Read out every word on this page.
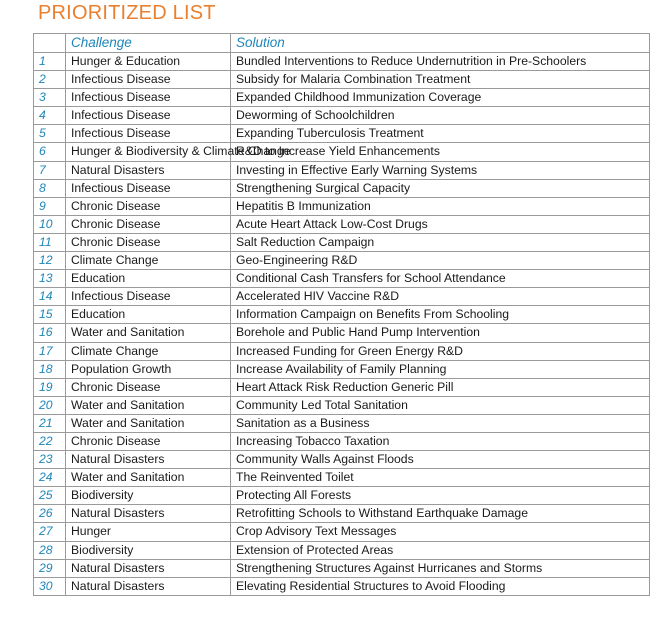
PRIORITIZED LIST
	Challenge	Solution
1	Hunger & Education	Bundled Interventions to Reduce Undernutrition in Pre-Schoolers
2	Infectious Disease	Subsidy for Malaria Combination Treatment
3	Infectious Disease	Expanded Childhood Immunization Coverage
4	Infectious Disease	Deworming of Schoolchildren
5	Infectious Disease	Expanding Tuberculosis Treatment
6	Hunger & Biodiversity & Climate Change	R&D to Increase Yield Enhancements
7	Natural Disasters	Investing in Effective Early Warning Systems
8	Infectious Disease	Strengthening Surgical Capacity
9	Chronic Disease	Hepatitis B Immunization
10	Chronic Disease	Acute Heart Attack Low-Cost Drugs
11	Chronic Disease	Salt Reduction Campaign
12	Climate Change	Geo-Engineering R&D
13	Education	Conditional Cash Transfers for School Attendance
14	Infectious Disease	Accelerated HIV Vaccine R&D
15	Education	Information Campaign on Benefits From Schooling
16	Water and Sanitation	Borehole and Public Hand Pump Intervention
17	Climate Change	Increased Funding for Green Energy R&D
18	Population Growth	Increase Availability of Family Planning
19	Chronic Disease	Heart Attack Risk Reduction Generic Pill
20	Water and Sanitation	Community Led Total Sanitation
21	Water and Sanitation	Sanitation as a Business
22	Chronic Disease	Increasing Tobacco Taxation
23	Natural Disasters	Community Walls Against Floods
24	Water and Sanitation	The Reinvented Toilet
25	Biodiversity	Protecting All Forests
26	Natural Disasters	Retrofitting Schools to Withstand Earthquake Damage
27	Hunger	Crop Advisory Text Messages
28	Biodiversity	Extension of Protected Areas
29	Natural Disasters	Strengthening Structures Against Hurricanes and Storms
30	Natural Disasters	Elevating Residential Structures to Avoid Flooding
